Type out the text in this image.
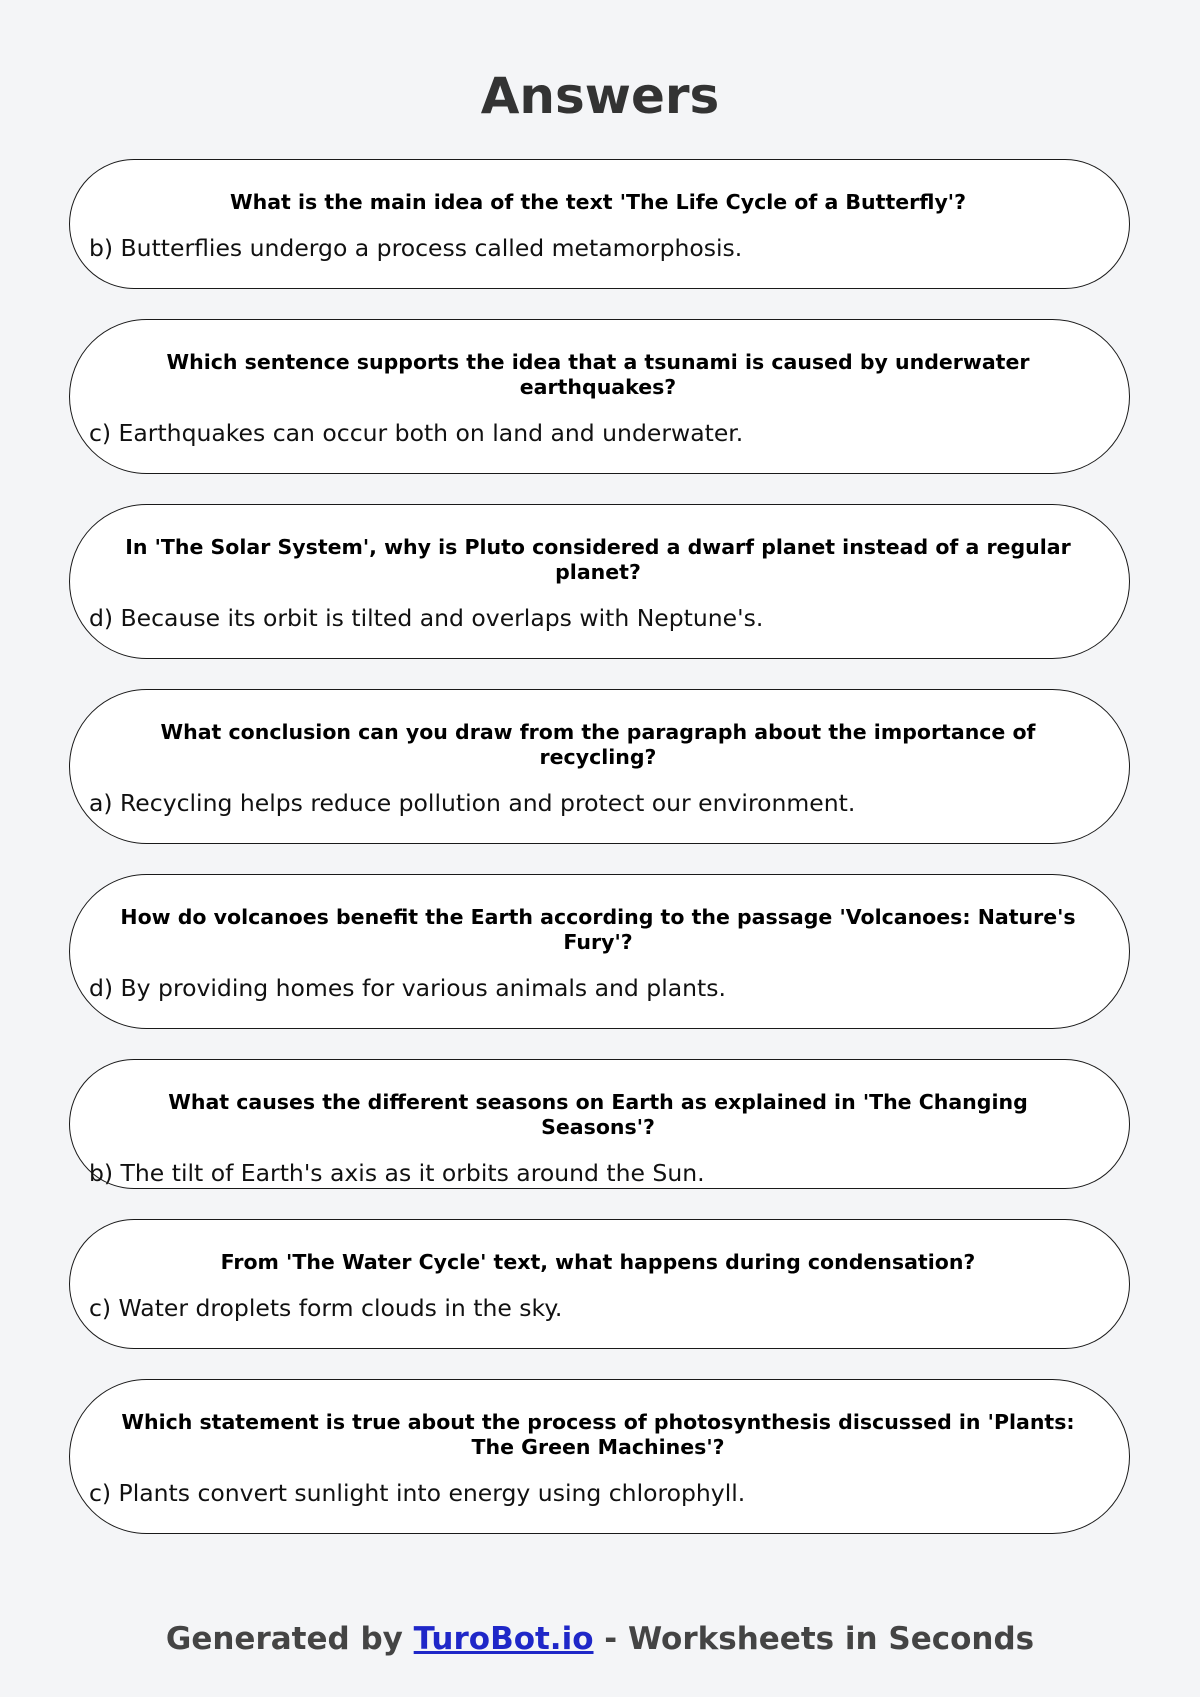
Answers
What is the main idea of the text 'The Life Cycle of a Butterfly'?
b) Butterflies undergo a process called metamorphosis.
Which sentence supports the idea that a tsunami is caused by underwater earthquakes?
c) Earthquakes can occur both on land and underwater.
In 'The Solar System', why is Pluto considered a dwarf planet instead of a regular planet?
d) Because its orbit is tilted and overlaps with Neptune's.
What conclusion can you draw from the paragraph about the importance of recycling?
a) Recycling helps reduce pollution and protect our environment.
How do volcanoes benefit the Earth according to the passage 'Volcanoes: Nature's Fury'?
d) By providing homes for various animals and plants.
What causes the different seasons on Earth as explained in 'The Changing Seasons'?
b) The tilt of Earth's axis as it orbits around the Sun.
From 'The Water Cycle' text, what happens during condensation?
c) Water droplets form clouds in the sky.
Which statement is true about the process of photosynthesis discussed in 'Plants: The Green Machines'?
c) Plants convert sunlight into energy using chlorophyll.
Generated by TuroBot.io - Worksheets in Seconds
